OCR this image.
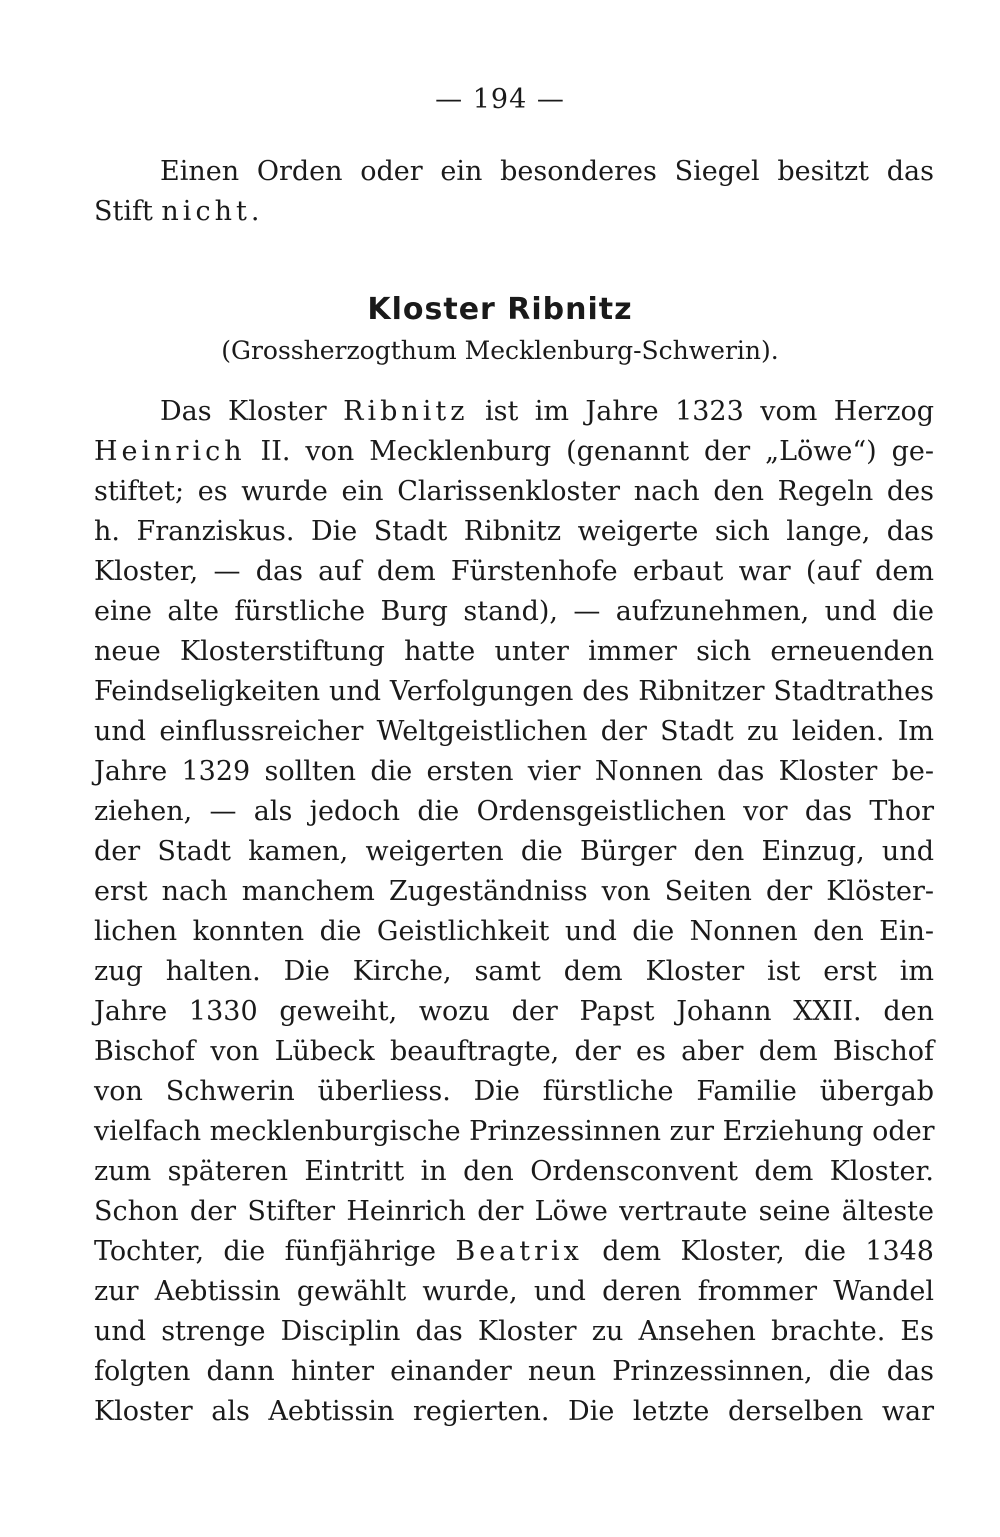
— 194 —
Einen Orden oder ein besonderes Siegel besitzt das
Stift nicht.
Kloster Ribnitz
(Grossherzogthum Mecklenburg-Schwerin).
Das Kloster Ribnitz ist im Jahre 1323 vom Herzog
Heinrich II. von Mecklenburg (genannt der „Löwe“) ge-
stiftet; es wurde ein Clarissenkloster nach den Regeln des
h. Franziskus. Die Stadt Ribnitz weigerte sich lange, das
Kloster, — das auf dem Fürstenhofe erbaut war (auf dem
eine alte fürstliche Burg stand), — aufzunehmen, und die
neue Klosterstiftung hatte unter immer sich erneuenden
Feindseligkeiten und Verfolgungen des Ribnitzer Stadtrathes
und einflussreicher Weltgeistlichen der Stadt zu leiden. Im
Jahre 1329 sollten die ersten vier Nonnen das Kloster be-
ziehen, — als jedoch die Ordensgeistlichen vor das Thor
der Stadt kamen, weigerten die Bürger den Einzug, und
erst nach manchem Zugeständniss von Seiten der Klöster-
lichen konnten die Geistlichkeit und die Nonnen den Ein-
zug halten. Die Kirche, samt dem Kloster ist erst im
Jahre 1330 geweiht, wozu der Papst Johann XXII. den
Bischof von Lübeck beauftragte, der es aber dem Bischof
von Schwerin überliess. Die fürstliche Familie übergab
vielfach mecklenburgische Prinzessinnen zur Erziehung oder
zum späteren Eintritt in den Ordensconvent dem Kloster.
Schon der Stifter Heinrich der Löwe vertraute seine älteste
Tochter, die fünfjährige Beatrix dem Kloster, die 1348
zur Aebtissin gewählt wurde, und deren frommer Wandel
und strenge Disciplin das Kloster zu Ansehen brachte. Es
folgten dann hinter einander neun Prinzessinnen, die das
Kloster als Aebtissin regierten. Die letzte derselben war
